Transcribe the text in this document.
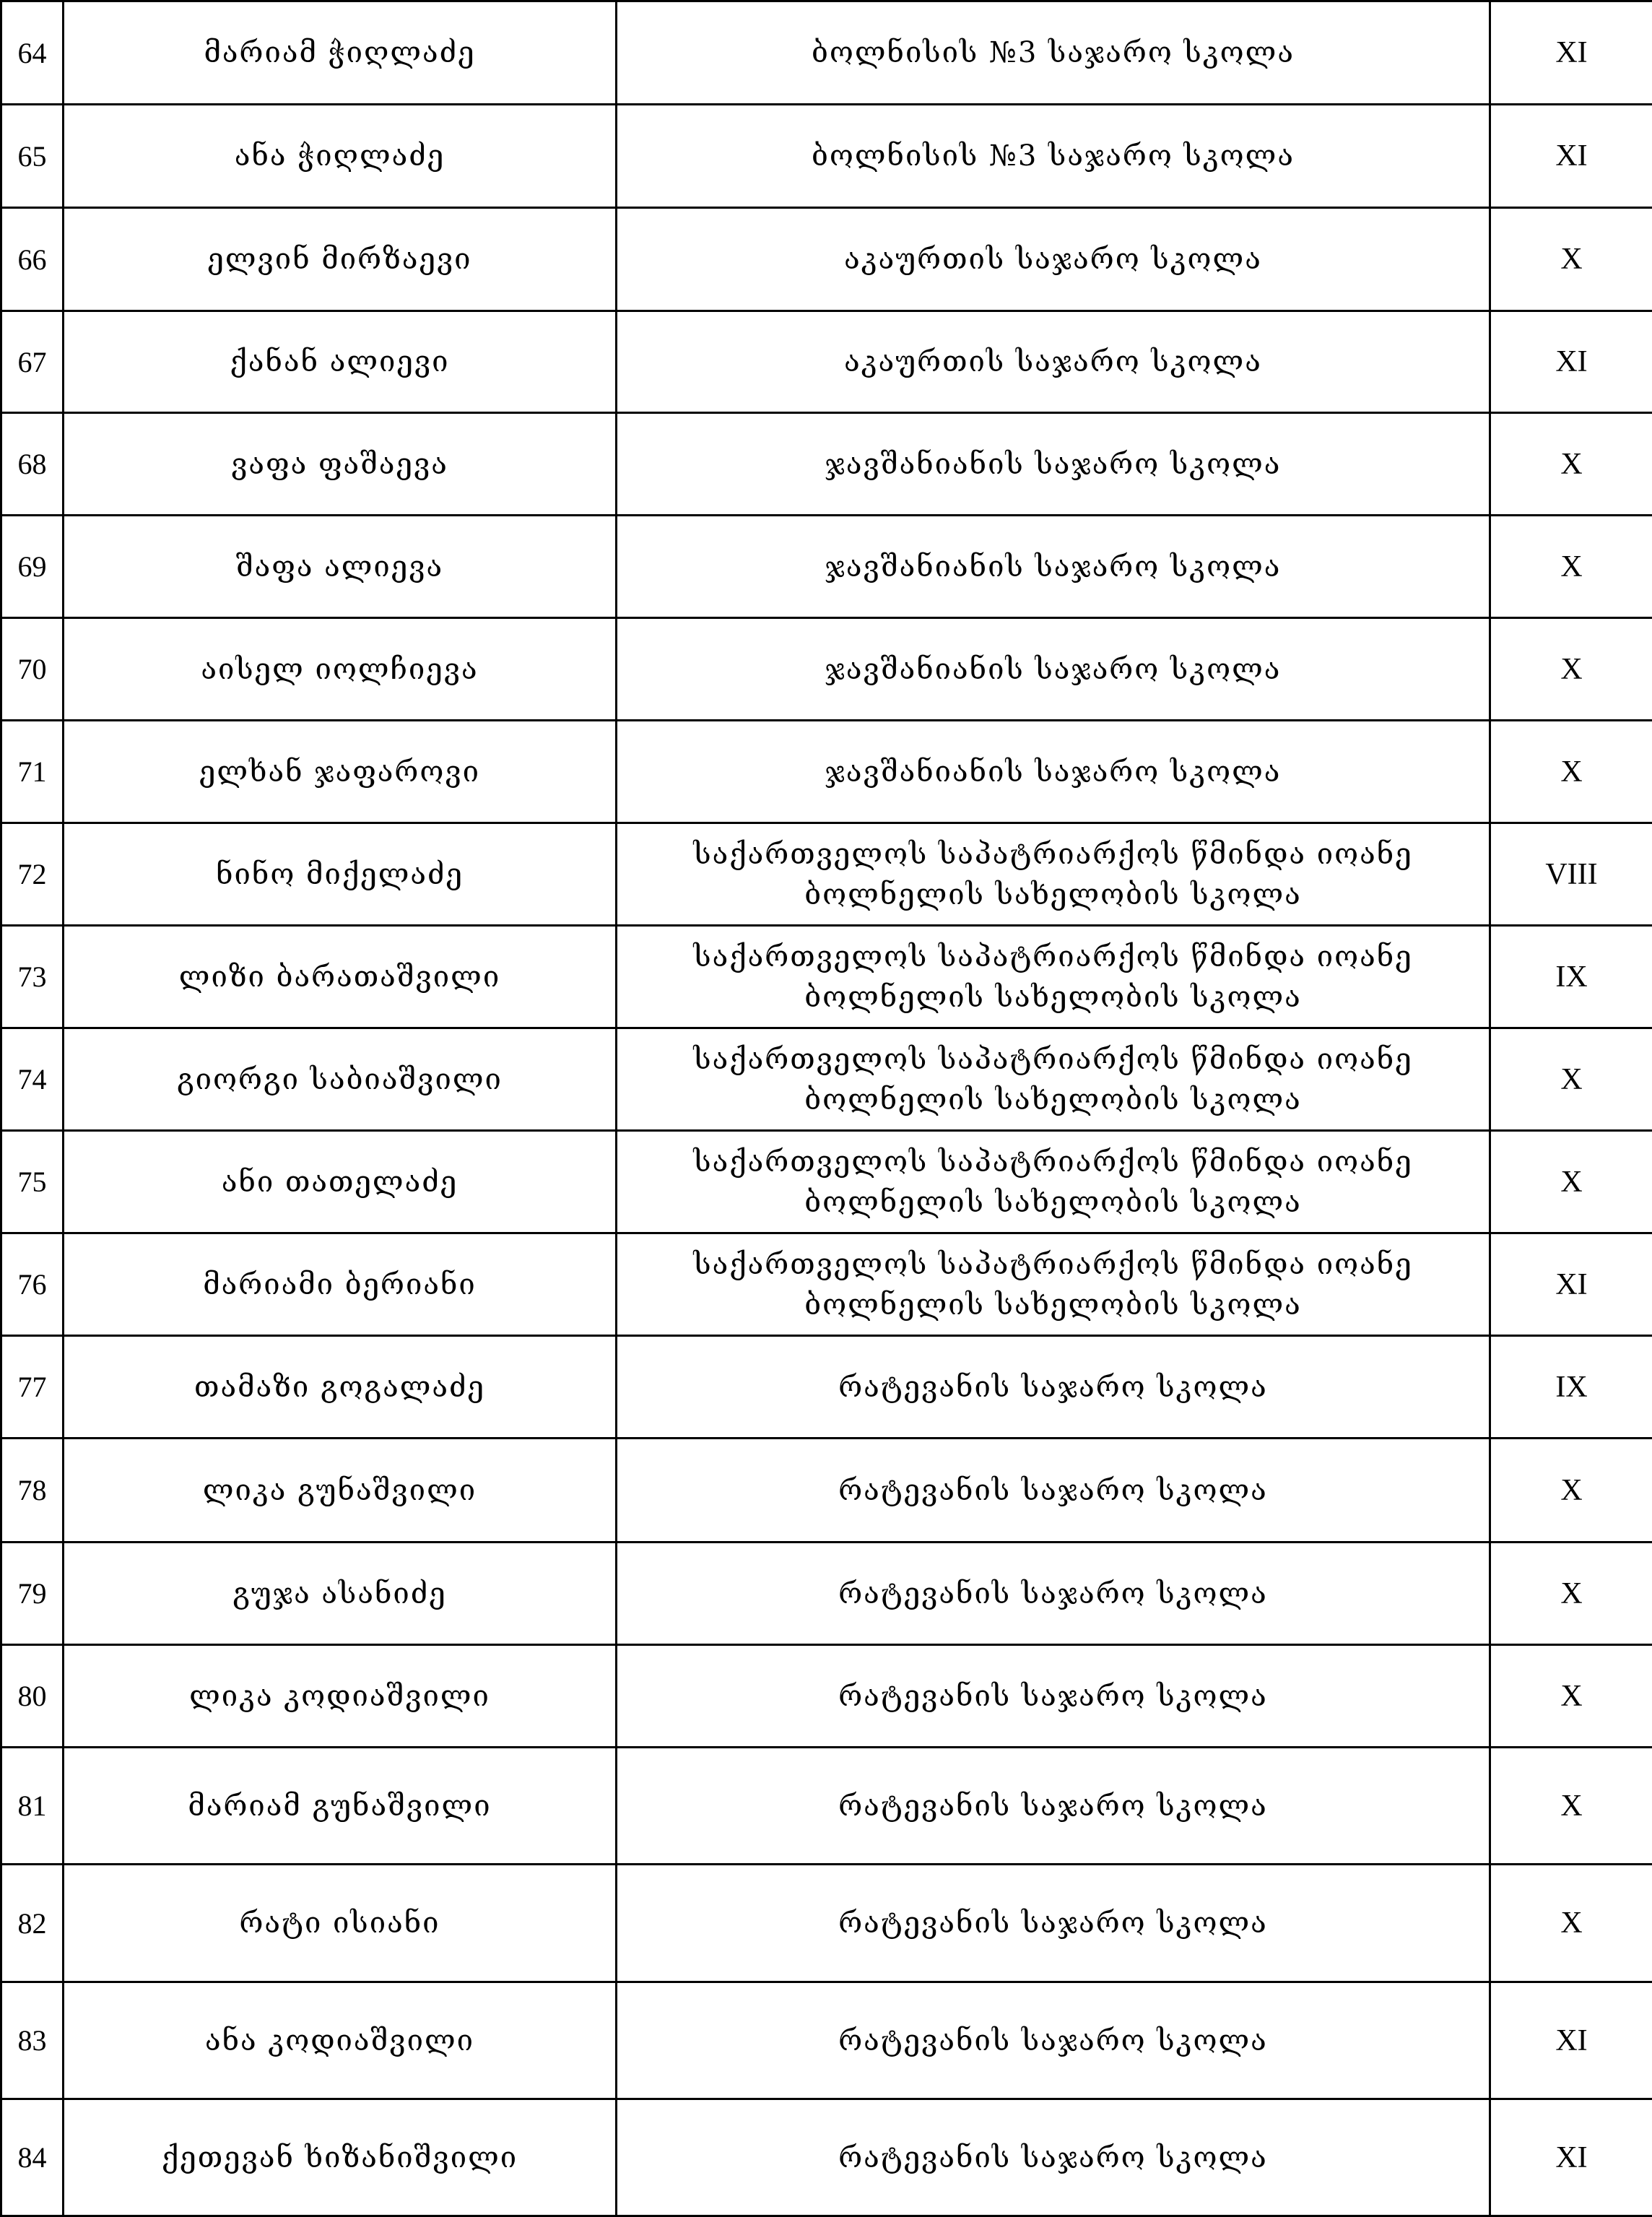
64	მარიამ ჭიღლაძე	ბოლნისის №3 საჯარო სკოლა	XI
65	ანა ჭიღლაძე	ბოლნისის №3 საჯარო სკოლა	XI
66	ელვინ მირზაევი	აკაურთის საჯარო სკოლა	X
67	ქანან ალიევი	აკაურთის საჯარო სკოლა	XI
68	ვაფა ფაშაევა	ჯავშანიანის საჯარო სკოლა	X
69	შაფა ალიევა	ჯავშანიანის საჯარო სკოლა	X
70	აისელ იოლჩიევა	ჯავშანიანის საჯარო სკოლა	X
71	ელხან ჯაფაროვი	ჯავშანიანის საჯარო სკოლა	X
72	ნინო მიქელაძე	საქართველოს საპატრიარქოს წმინდა იოანე ბოლნელის სახელობის სკოლა	VIII
73	ლიზი ბარათაშვილი	საქართველოს საპატრიარქოს წმინდა იოანე ბოლნელის სახელობის სკოლა	IX
74	გიორგი საბიაშვილი	საქართველოს საპატრიარქოს წმინდა იოანე ბოლნელის სახელობის სკოლა	X
75	ანი თათელაძე	საქართველოს საპატრიარქოს წმინდა იოანე ბოლნელის სახელობის სკოლა	X
76	მარიამი ბერიანი	საქართველოს საპატრიარქოს წმინდა იოანე ბოლნელის სახელობის სკოლა	XI
77	თამაზი გოგალაძე	რატევანის საჯარო სკოლა	IX
78	ლიკა გუნაშვილი	რატევანის საჯარო სკოლა	X
79	გუჯა ასანიძე	რატევანის საჯარო სკოლა	X
80	ლიკა კოდიაშვილი	რატევანის საჯარო სკოლა	X
81	მარიამ გუნაშვილი	რატევანის საჯარო სკოლა	X
82	რატი ისიანი	რატევანის საჯარო სკოლა	X
83	ანა კოდიაშვილი	რატევანის საჯარო სკოლა	XI
84	ქეთევან ხიზანიშვილი	რატევანის საჯარო სკოლა	XI
